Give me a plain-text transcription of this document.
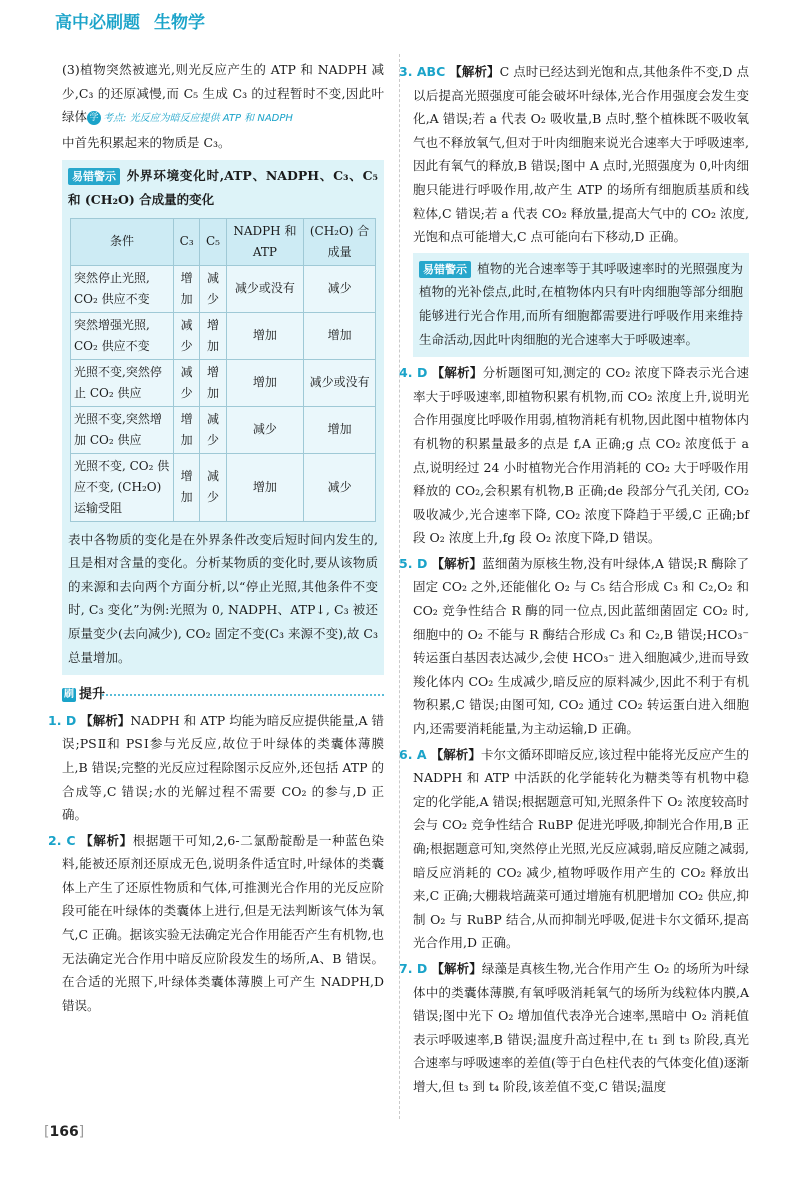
高中必刷题 生物学

(3)植物突然被遮光,则光反应产生的 ATP 和 NADPH 减少,C₃ 的还原减慢,而 C₅ 生成 C₃ 的过程暂时不变,因此叶绿体 学 考点: 光反应为暗反应提供 ATP 和 NADPH

中首先积累起来的物质是 C₃。

易错警示 外界环境变化时,ATP、NADPH、C₃、C₅ 和 (CH₂O) 合成量的变化

条件	C₃	C₅	NADPH 和 ATP	(CH₂O) 合成量
突然停止光照, CO₂ 供应不变	增加	减少	减少或没有	减少
突然增强光照, CO₂ 供应不变	减少	增加	增加	增加
光照不变,突然停止 CO₂ 供应	减少	增加	增加	减少或没有
光照不变,突然增加 CO₂ 供应	增加	减少	减少	增加
光照不变, CO₂ 供应不变, (CH₂O) 运输受阻	增加	减少	增加	减少

表中各物质的变化是在外界条件改变后短时间内发生的,且是相对含量的变化。分析某物质的变化时,要从该物质的来源和去向两个方面分析,以“停止光照,其他条件不变时, C₃ 变化”为例:光照为 0, NADPH、ATP↓, C₃ 被还原量变少(去向减少), CO₂ 固定不变(C₃ 来源不变),故 C₃ 总量增加。

刷 提升

1. D 【解析】NADPH 和 ATP 均能为暗反应提供能量,A 错误;PSⅡ和 PSⅠ参与光反应,故位于叶绿体的类囊体薄膜上,B 错误;完整的光反应过程除图示反应外,还包括 ATP 的合成等,C 错误;水的光解过程不需要 CO₂ 的参与,D 正确。

2. C 【解析】根据题干可知,2,6-二氯酚靛酚是一种蓝色染料,能被还原剂还原成无色,说明条件适宜时,叶绿体的类囊体上产生了还原性物质和气体,可推测光合作用的光反应阶段可能在叶绿体的类囊体上进行,但是无法判断该气体为氧气,C 正确。据该实验无法确定光合作用能否产生有机物,也无法确定光合作用中暗反应阶段发生的场所,A、B 错误。在合适的光照下,叶绿体类囊体薄膜上可产生 NADPH,D 错误。

3. ABC 【解析】C 点时已经达到光饱和点,其他条件不变,D 点以后提高光照强度可能会破坏叶绿体,光合作用强度会发生变化,A 错误;若 a 代表 O₂ 吸收量,B 点时,整个植株既不吸收氧气也不释放氧气,但对于叶肉细胞来说光合速率大于呼吸速率,因此有氧气的释放,B 错误;图中 A 点时,光照强度为 0,叶肉细胞只能进行呼吸作用,故产生 ATP 的场所有细胞质基质和线粒体,C 错误;若 a 代表 CO₂ 释放量,提高大气中的 CO₂ 浓度,光饱和点可能增大,C 点可能向右下移动,D 正确。

易错警示 植物的光合速率等于其呼吸速率时的光照强度为植物的光补偿点,此时,在植物体内只有叶肉细胞等部分细胞能够进行光合作用,而所有细胞都需要进行呼吸作用来维持生命活动,因此叶肉细胞的光合速率大于呼吸速率。

4. D 【解析】分析题图可知,测定的 CO₂ 浓度下降表示光合速率大于呼吸速率,即植物积累有机物,而 CO₂ 浓度上升,说明光合作用强度比呼吸作用弱,植物消耗有机物,因此图中植物体内有机物的积累量最多的点是 f,A 正确;g 点 CO₂ 浓度低于 a 点,说明经过 24 小时植物光合作用消耗的 CO₂ 大于呼吸作用释放的 CO₂,会积累有机物,B 正确;de 段部分气孔关闭, CO₂ 吸收减少,光合速率下降, CO₂ 浓度下降趋于平缓,C 正确;bf 段 O₂ 浓度上升,fg 段 O₂ 浓度下降,D 错误。

5. D 【解析】蓝细菌为原核生物,没有叶绿体,A 错误;R 酶除了固定 CO₂ 之外,还能催化 O₂ 与 C₅ 结合形成 C₃ 和 C₂,O₂ 和 CO₂ 竞争性结合 R 酶的同一位点,因此蓝细菌固定 CO₂ 时,细胞中的 O₂ 不能与 R 酶结合形成 C₃ 和 C₂,B 错误;HCO₃⁻ 转运蛋白基因表达减少,会使 HCO₃⁻ 进入细胞减少,进而导致羧化体内 CO₂ 生成减少,暗反应的原料减少,因此不利于有机物积累,C 错误;由图可知, CO₂ 通过 CO₂ 转运蛋白进入细胞内,还需要消耗能量,为主动运输,D 正确。

6. A 【解析】卡尔文循环即暗反应,该过程中能将光反应产生的 NADPH 和 ATP 中活跃的化学能转化为糖类等有机物中稳定的化学能,A 错误;根据题意可知,光照条件下 O₂ 浓度较高时会与 CO₂ 竞争性结合 RuBP 促进光呼吸,抑制光合作用,B 正确;根据题意可知,突然停止光照,光反应减弱,暗反应随之减弱,暗反应消耗的 CO₂ 减少,植物呼吸作用产生的 CO₂ 释放出来,C 正确;大棚栽培蔬菜可通过增施有机肥增加 CO₂ 供应,抑制 O₂ 与 RuBP 结合,从而抑制光呼吸,促进卡尔文循环,提高光合作用,D 正确。

7. D 【解析】绿藻是真核生物,光合作用产生 O₂ 的场所为叶绿体中的类囊体薄膜,有氧呼吸消耗氧气的场所为线粒体内膜,A 错误;图中光下 O₂ 增加值代表净光合速率,黑暗中 O₂ 消耗值表示呼吸速率,B 错误;温度升高过程中,在 t₁ 到 t₃ 阶段,真光合速率与呼吸速率的差值(等于白色柱代表的气体变化值)逐渐增大,但 t₃ 到 t₄ 阶段,该差值不变,C 错误;温度

[166]
